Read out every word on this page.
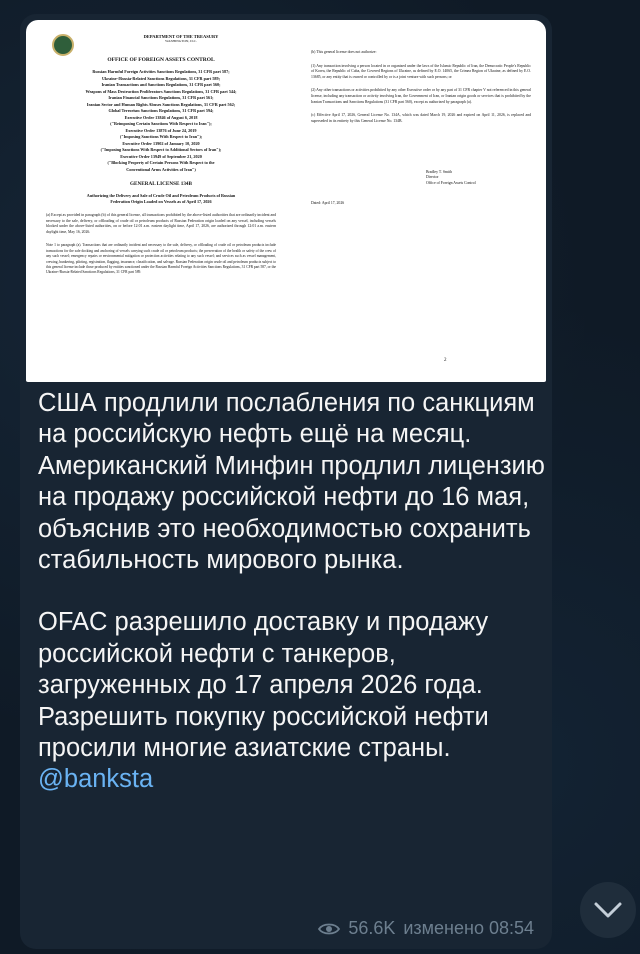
DEPARTMENT OF THE TREASURY
WASHINGTON, D.C.
OFFICE OF FOREIGN ASSETS CONTROL
Russian Harmful Foreign Activities Sanctions Regulations, 31 CFR part 587;
Ukraine-/Russia-Related Sanctions Regulations, 31 CFR part 589;
Iranian Transactions and Sanctions Regulations, 31 CFR part 560;
Weapons of Mass Destruction Proliferators Sanctions Regulations, 31 CFR part 544;
Iranian Financial Sanctions Regulations, 31 CFR part 561;
Iranian Sector and Human Rights Abuses Sanctions Regulations, 31 CFR part 562;
Global Terrorism Sanctions Regulations, 31 CFR part 594;
Executive Order 13846 of August 6, 2018
("Reimposing Certain Sanctions With Respect to Iran");
Executive Order 13876 of June 24, 2019
("Imposing Sanctions With Respect to Iran");
Executive Order 13902 of January 10, 2020
("Imposing Sanctions With Respect to Additional Sectors of Iran");
Executive Order 13949 of September 21, 2020
("Blocking Property of Certain Persons With Respect to the
Conventional Arms Activities of Iran")
GENERAL LICENSE 134B
Authorizing the Delivery and Sale of Crude Oil and Petroleum Products of Russian
Federation Origin Loaded on Vessels as of April 17, 2026
(a) Except as provided in paragraph (b) of this general license, all transactions prohibited by the above-listed authorities that are ordinarily incident and necessary to the sale, delivery, or offloading of crude oil or petroleum products of Russian Federation origin loaded on any vessel, including vessels blocked under the above-listed authorities, on or before 12:01 a.m. eastern daylight time, April 17, 2026, are authorized through 12:01 a.m. eastern daylight time, May 16, 2026.
Note 1 to paragraph (a). Transactions that are ordinarily incident and necessary to the sale, delivery, or offloading of crude oil or petroleum products include transactions for the safe docking and anchoring of vessels carrying such crude oil or petroleum products; the preservation of the health or safety of the crew of any such vessel; emergency repairs or environmental mitigation or protection activities relating to any such vessel; and services such as vessel management, crewing, bunkering, piloting, registration, flagging, insurance, classification, and salvage. Russian Federation origin crude oil and petroleum products subject to this general license include those produced by entities sanctioned under the Russian Harmful Foreign Activities Sanctions Regulations, 31 CFR part 587, or the Ukraine-/Russia-Related Sanctions Regulations, 31 CFR part 589.
(b) This general license does not authorize:
(1) Any transaction involving a person located in or organized under the laws of the Islamic Republic of Iran, the Democratic People's Republic of Korea, the Republic of Cuba, the Covered Regions of Ukraine, as defined by E.O. 14065, the Crimea Region of Ukraine, as defined by E.O. 13685, or any entity that is owned or controlled by or is a joint venture with such persons; or
(2) Any other transactions or activities prohibited by any other Executive order or by any part of 31 CFR chapter V not referenced in this general license, including any transaction or activity involving Iran, the Government of Iran, or Iranian origin goods or services that is prohibited by the Iranian Transactions and Sanctions Regulations (31 CFR part 560), except as authorized by paragraph (a).
(c) Effective April 17, 2026, General License No. 134A, which was dated March 19, 2026 and expired on April 11, 2026, is replaced and superseded in its entirety by this General License No. 134B.

Bradley T. Smith
Director
Office of Foreign Assets Control

Dated: April 17, 2026
2

США продлили послабления по санкциям на российскую нефть ещё на месяц. Американский Минфин продлил лицензию на продажу российской нефти до 16 мая, объяснив это необходимостью сохранить стабильность мирового рынка.

OFAC разрешило доставку и продажу российской нефти с танкеров, загруженных до 17 апреля 2026 года. Разрешить покупку российской нефти просили многие азиатские страны. @banksta

56.6K изменено 08:54
